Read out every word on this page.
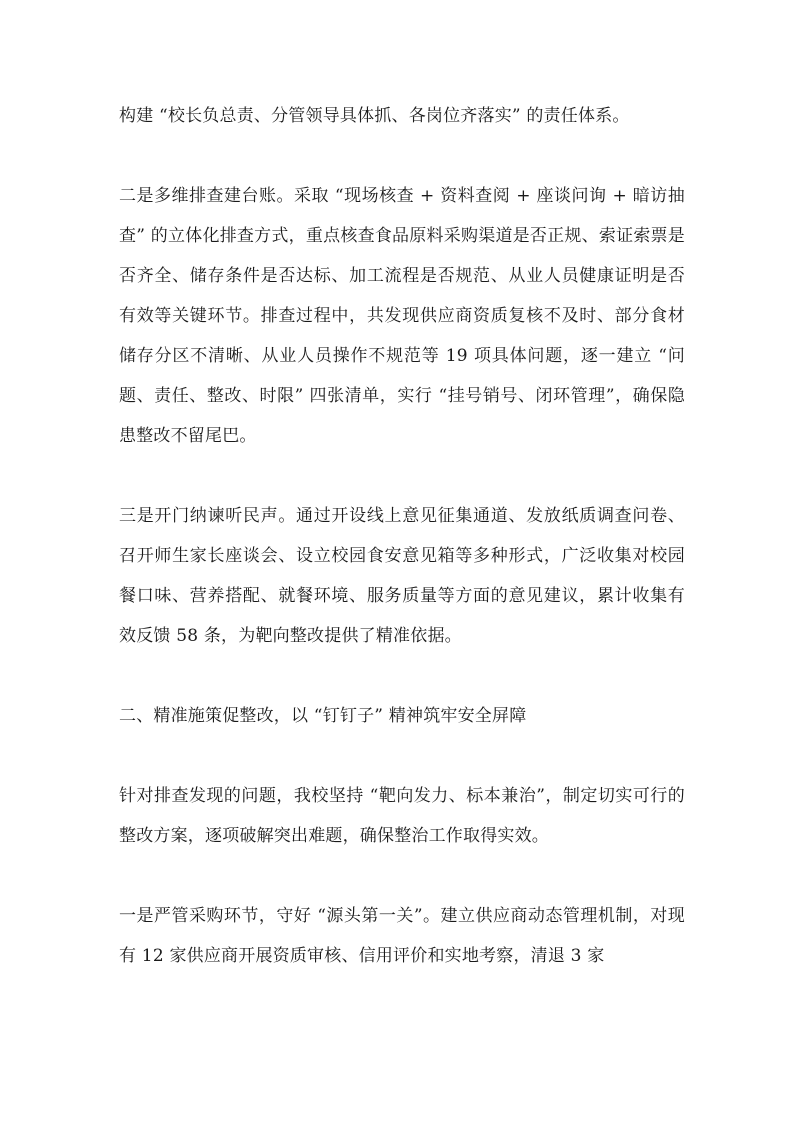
构建 “校长负总责、分管领导具体抓、各岗位齐落实” 的责任体系。

二是多维排查建台账。采取 “现场核查 + 资料查阅 + 座谈问询 + 暗访抽查” 的立体化排查方式，重点核查食品原料采购渠道是否正规、索证索票是否齐全、储存条件是否达标、加工流程是否规范、从业人员健康证明是否有效等关键环节。排查过程中，共发现供应商资质复核不及时、部分食材储存分区不清晰、从业人员操作不规范等 19 项具体问题，逐一建立 “问题、责任、整改、时限” 四张清单，实行 “挂号销号、闭环管理”，确保隐患整改不留尾巴。

三是开门纳谏听民声。通过开设线上意见征集通道、发放纸质调查问卷、召开师生家长座谈会、设立校园食安意见箱等多种形式，广泛收集对校园餐口味、营养搭配、就餐环境、服务质量等方面的意见建议，累计收集有效反馈 58 条，为靶向整改提供了精准依据。

二、精准施策促整改，以 “钉钉子” 精神筑牢安全屏障

针对排查发现的问题，我校坚持 “靶向发力、标本兼治”，制定切实可行的整改方案，逐项破解突出难题，确保整治工作取得实效。

一是严管采购环节，守好 “源头第一关”。建立供应商动态管理机制，对现有 12 家供应商开展资质审核、信用评价和实地考察，清退 3 家
